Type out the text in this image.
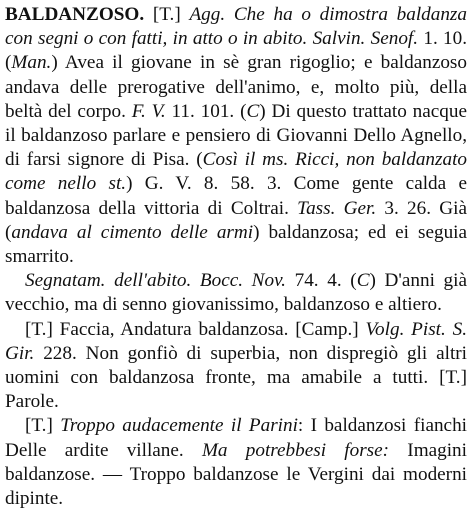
BALDANZOSO. [T.] Agg. Che ha o dimostra baldanza con segni o con fatti, in atto o in abito. Salvin. Senof. 1. 10. (Man.) Avea il giovane in sè gran rigoglio; e baldanzoso andava delle prerogative dell'animo, e, molto più, della beltà del corpo. F. V. 11. 101. (C) Di questo trattato nacque il baldanzoso parlare e pensiero di Giovanni Dello Agnello, di farsi signore di Pisa. (Così il ms. Ricci, non baldanzato come nello st.) G. V. 8. 58. 3. Come gente calda e baldanzosa della vittoria di Coltrai. Tass. Ger. 3. 26. Già (andava al cimento delle armi) baldanzosa; ed ei seguia smarrito.

Segnatam. dell'abito. Bocc. Nov. 74. 4. (C) D'anni già vecchio, ma di senno giovanissimo, baldanzoso e altiero.

[T.] Faccia, Andatura baldanzosa. [Camp.] Volg. Pist. S. Gir. 228. Non gonfiò di superbia, non dispregiò gli altri uomini con baldanzosa fronte, ma amabile a tutti. [T.] Parole.

[T.] Troppo audacemente il Parini: I baldanzosi fianchi Delle ardite villane. Ma potrebbesi forse: Imagini baldanzose. — Troppo baldanzose le Vergini dai moderni dipinte.
